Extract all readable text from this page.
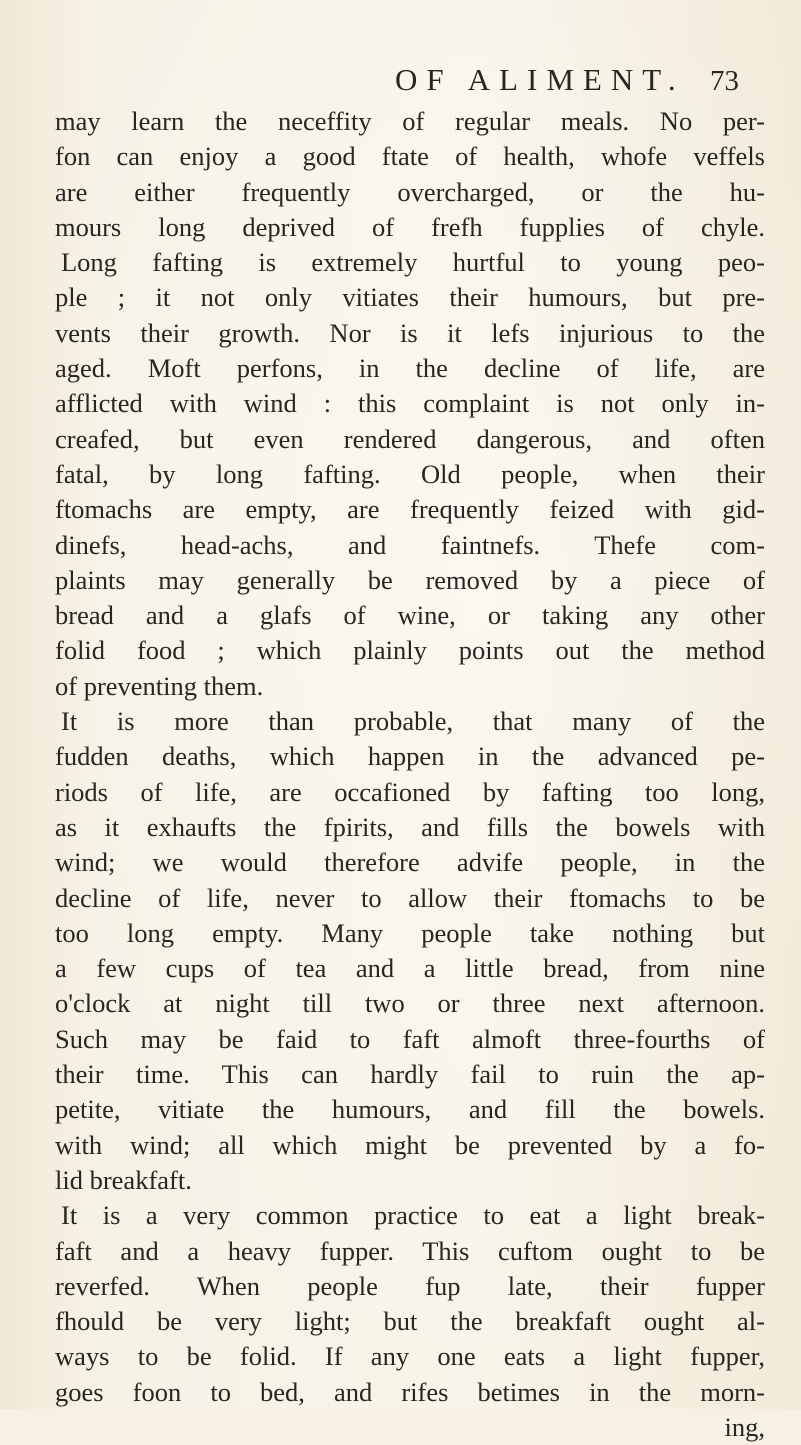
OF ALIMENT. 73
may learn the neceffity of regular meals. No per-
fon can enjoy a good ftate of health, whofe veffels
are either frequently overcharged, or the hu-
mours long deprived of frefh fupplies of chyle.
Long fafting is extremely hurtful to young peo-
ple ; it not only vitiates their humours, but pre-
vents their growth. Nor is it lefs injurious to the
aged. Moft perfons, in the decline of life, are
afflicted with wind : this complaint is not only in-
creafed, but even rendered dangerous, and often
fatal, by long fafting. Old people, when their
ftomachs are empty, are frequently feized with gid-
dinefs, head-achs, and faintnefs. Thefe com-
plaints may generally be removed by a piece of
bread and a glafs of wine, or taking any other
folid food ; which plainly points out the method
of preventing them.
It is more than probable, that many of the
fudden deaths, which happen in the advanced pe-
riods of life, are occafioned by fafting too long,
as it exhaufts the fpirits, and fills the bowels with
wind; we would therefore advife people, in the
decline of life, never to allow their ftomachs to be
too long empty. Many people take nothing but
a few cups of tea and a little bread, from nine
o'clock at night till two or three next afternoon.
Such may be faid to faft almoft three-fourths of
their time. This can hardly fail to ruin the ap-
petite, vitiate the humours, and fill the bowels.
with wind; all which might be prevented by a fo-
lid breakfaft.
It is a very common practice to eat a light break-
faft and a heavy fupper. This cuftom ought to be
reverfed. When people fup late, their fupper
fhould be very light; but the breakfaft ought al-
ways to be folid. If any one eats a light fupper,
goes foon to bed, and rifes betimes in the morn-
ing,
